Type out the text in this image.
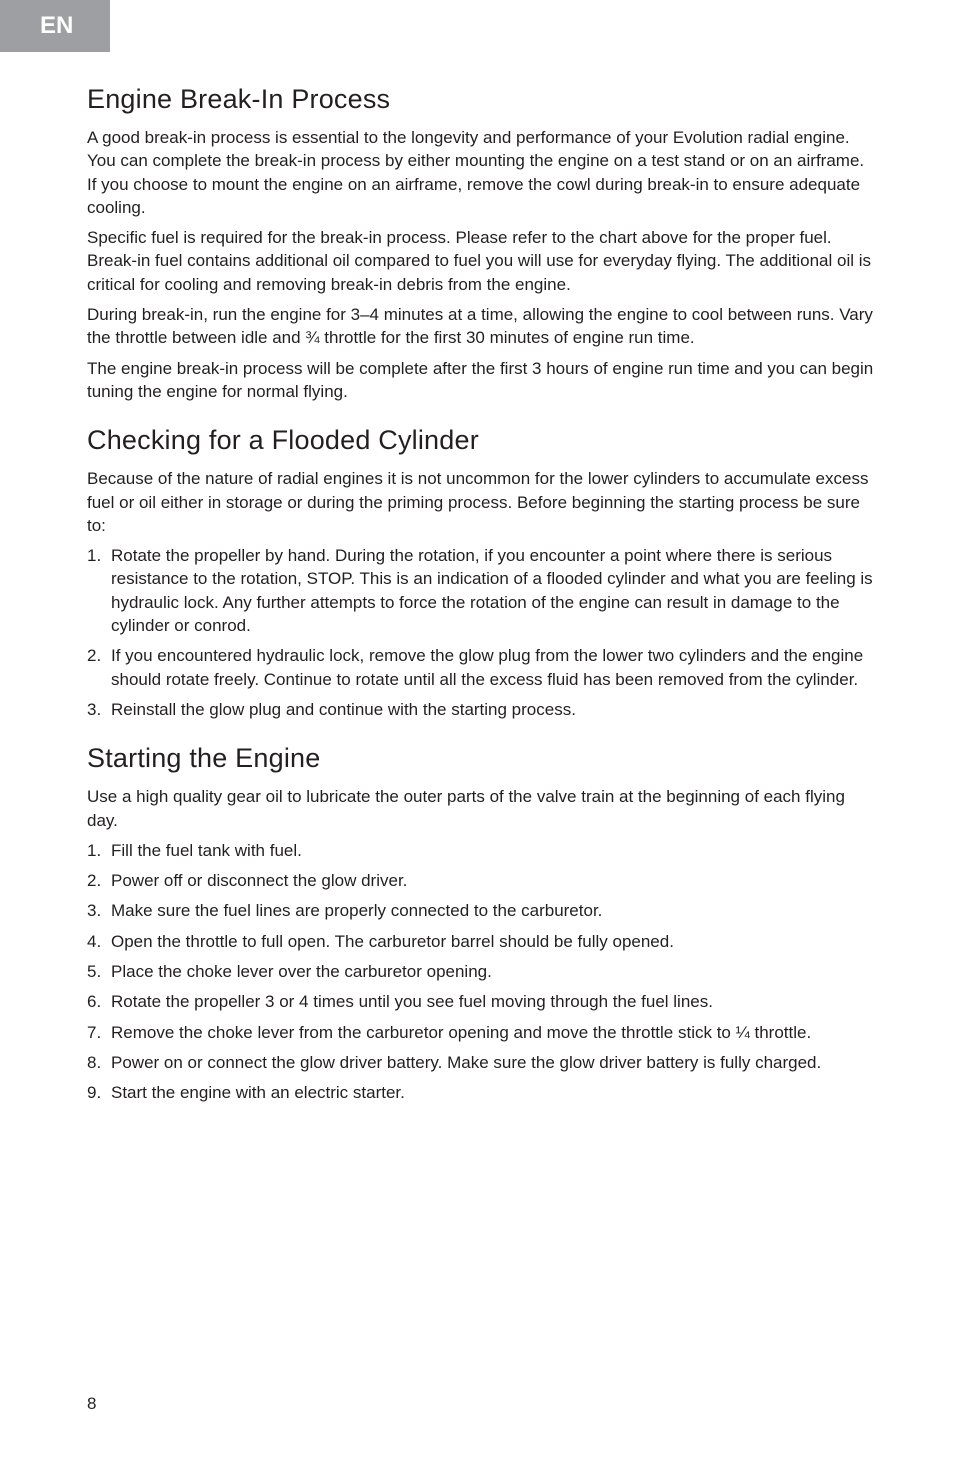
EN
Engine Break-In Process

A good break-in process is essential to the longevity and performance of your Evolution radial engine. You can complete the break-in process by either mounting the engine on a test stand or on an airframe. If you choose to mount the engine on an airframe, remove the cowl during break-in to ensure adequate cooling.

Specific fuel is required for the break-in process. Please refer to the chart above for the proper fuel. Break-in fuel contains additional oil compared to fuel you will use for everyday flying. The additional oil is critical for cooling and removing break-in debris from the engine.

During break-in, run the engine for 3–4 minutes at a time, allowing the engine to cool between runs. Vary the throttle between idle and ¾ throttle for the first 30 minutes of engine run time.

The engine break-in process will be complete after the first 3 hours of engine run time and you can begin tuning the engine for normal flying.

Checking for a Flooded Cylinder

Because of the nature of radial engines it is not uncommon for the lower cylinders to accumulate excess fuel or oil either in storage or during the priming process. Before beginning the starting process be sure to:

1. Rotate the propeller by hand. During the rotation, if you encounter a point where there is serious resistance to the rotation, STOP. This is an indication of a flooded cylinder and what you are feeling is hydraulic lock. Any further attempts to force the rotation of the engine can result in damage to the cylinder or conrod.
2. If you encountered hydraulic lock, remove the glow plug from the lower two cylinders and the engine should rotate freely. Continue to rotate until all the excess fluid has been removed from the cylinder.
3. Reinstall the glow plug and continue with the starting process.
Starting the Engine

Use a high quality gear oil to lubricate the outer parts of the valve train at the beginning of each flying day.

1. Fill the fuel tank with fuel.
2. Power off or disconnect the glow driver.
3. Make sure the fuel lines are properly connected to the carburetor.
4. Open the throttle to full open. The carburetor barrel should be fully opened.
5. Place the choke lever over the carburetor opening.
6. Rotate the propeller 3 or 4 times until you see fuel moving through the fuel lines.
7. Remove the choke lever from the carburetor opening and move the throttle stick to ¼ throttle.
8. Power on or connect the glow driver battery. Make sure the glow driver battery is fully charged.
9. Start the engine with an electric starter.
8
